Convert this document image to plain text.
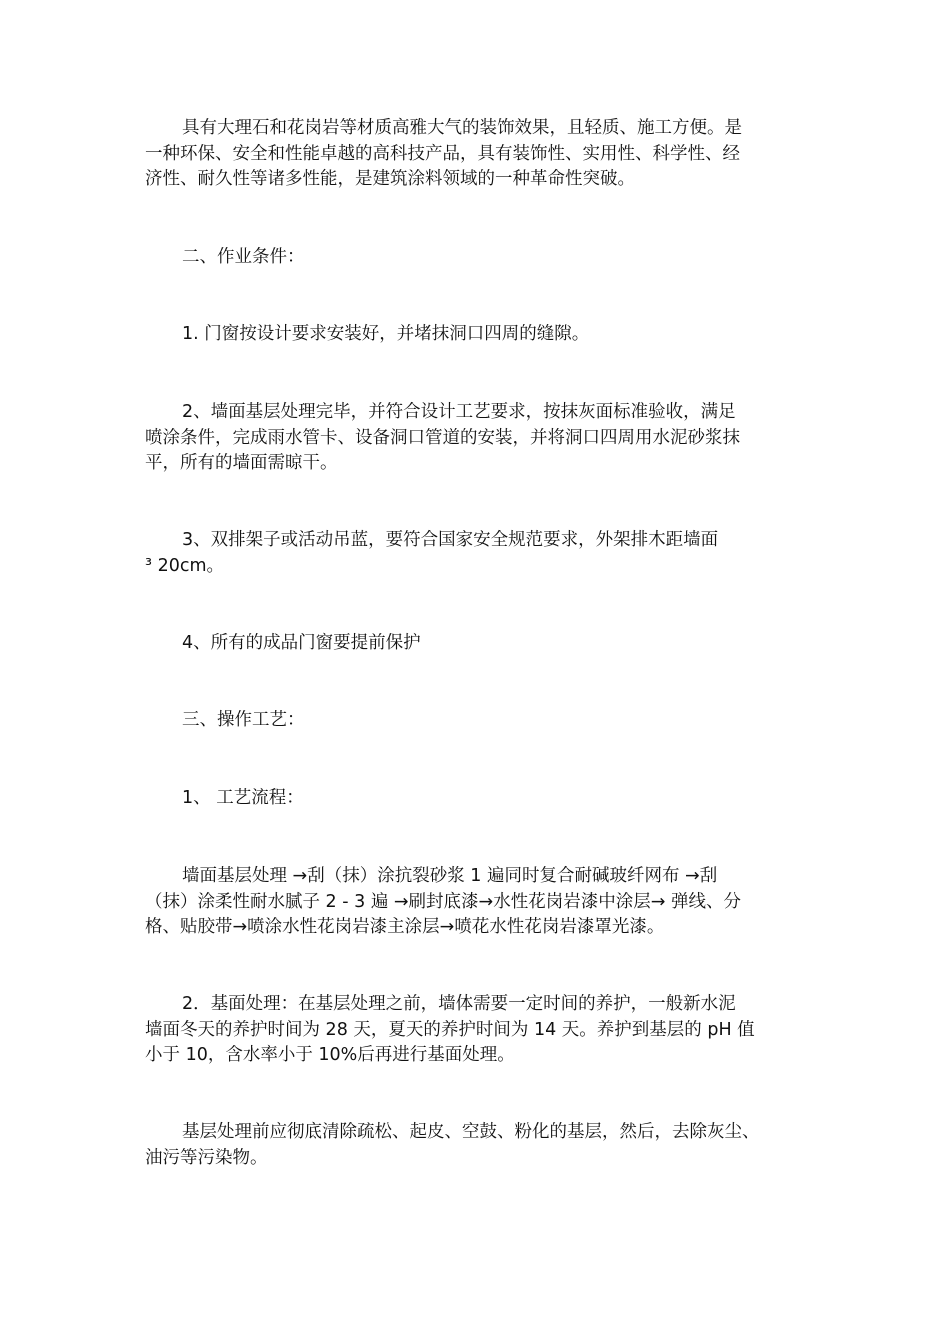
具有大理石和花岗岩等材质高雅大气的装饰效果，且轻质、施工方便。是
一种环保、安全和性能卓越的高科技产品，具有装饰性、实用性、科学性、经
济性、耐久性等诸多性能，是建筑涂料领域的一种革命性突破。

二、作业条件：

1. 门窗按设计要求安装好，并堵抹洞口四周的缝隙。

2、墙面基层处理完毕，并符合设计工艺要求，按抹灰面标准验收，满足
喷涂条件，完成雨水管卡、设备洞口管道的安装，并将洞口四周用水泥砂浆抹
平，所有的墙面需晾干。

3、双排架子或活动吊蓝，要符合国家安全规范要求，外架排木距墙面
³ 20cm。

4、所有的成品门窗要提前保护

三、操作工艺：

1、 工艺流程：

墙面基层处理 →刮（抹）涂抗裂砂浆 1 遍同时复合耐碱玻纤网布 →刮
（抹）涂柔性耐水腻子 2 - 3 遍 →刷封底漆→水性花岗岩漆中涂层→ 弹线、分
格、贴胶带→喷涂水性花岗岩漆主涂层→喷花水性花岗岩漆罩光漆。

2．基面处理：在基层处理之前，墙体需要一定时间的养护，一般新水泥
墙面冬天的养护时间为 28 天，夏天的养护时间为 14 天。养护到基层的 pH 值
小于 10，含水率小于 10%后再进行基面处理。

基层处理前应彻底清除疏松、起皮、空鼓、粉化的基层，然后，去除灰尘、
油污等污染物。
